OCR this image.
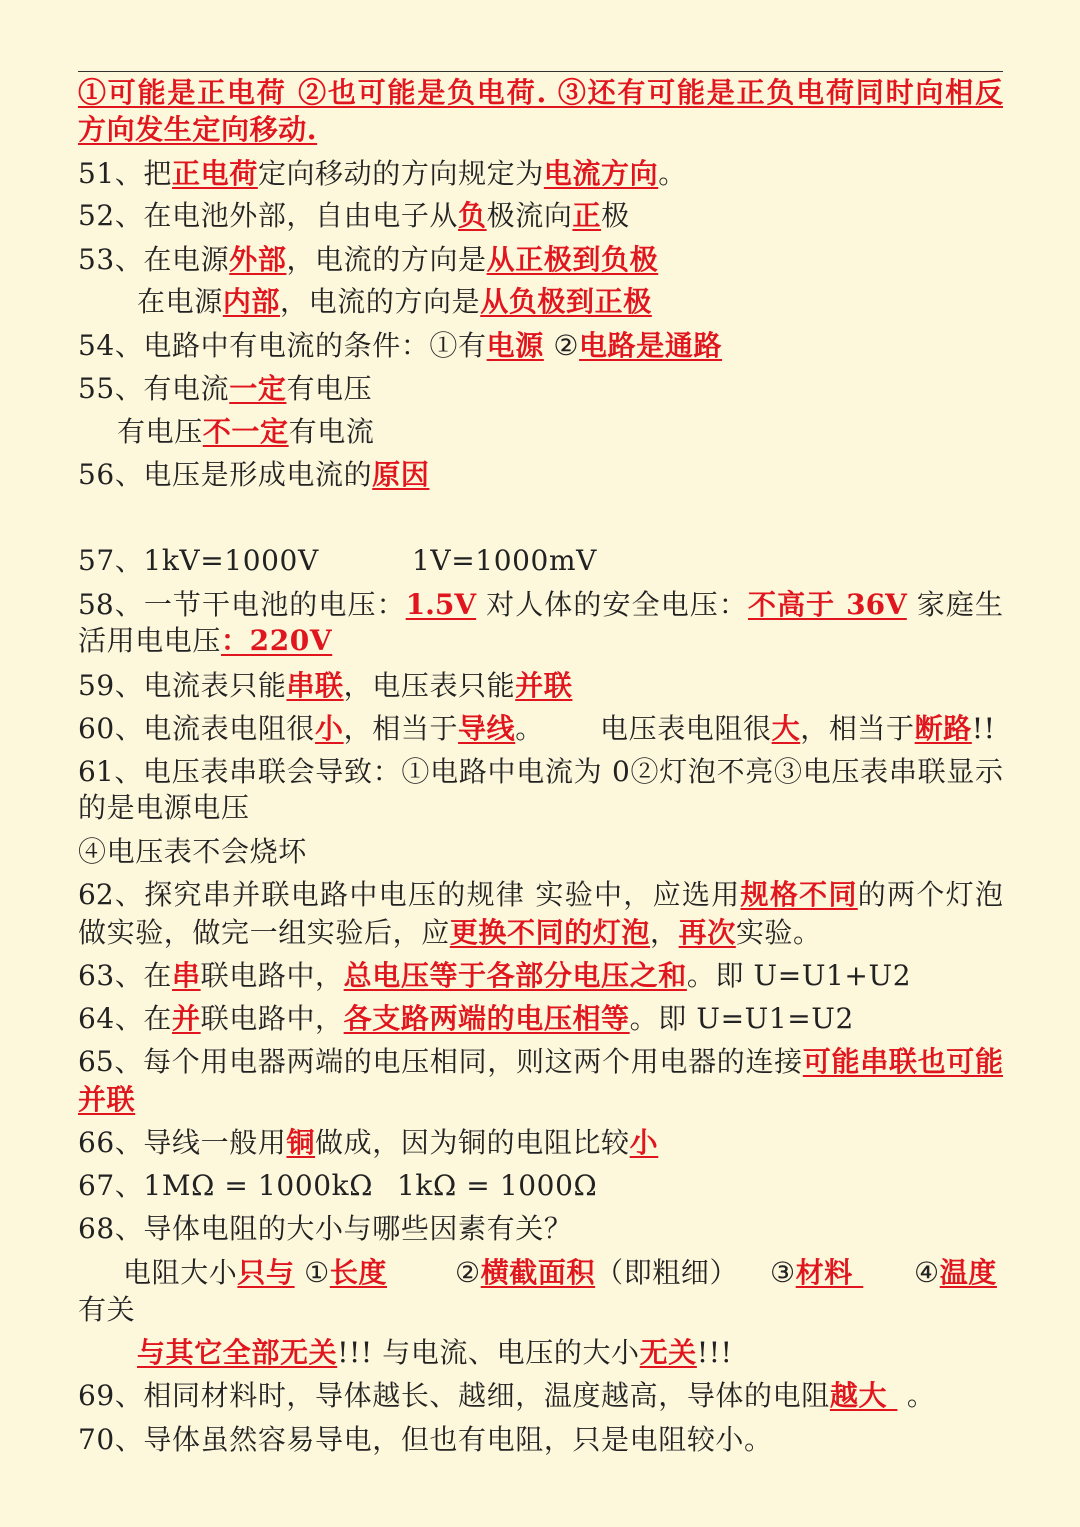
①可能是正电荷 ②也可能是负电荷. ③还有可能是正负电荷同时向相反
方向发生定向移动.
51、把正电荷定向移动的方向规定为电流方向。
52、在电池外部，自由电子从负极流向正极
53、在电源外部，电流的方向是从正极到负极
在电源内部，电流的方向是从负极到正极
54、电路中有电流的条件：①有电源 ②电路是通路
55、有电流一定有电压
有电压不一定有电流
56、电压是形成电流的原因
57、1kV=1000V	1V=1000mV
58、一节干电池的电压：1.5V 对人体的安全电压：不高于 36V 家庭生
活用电电压：220V
59、电流表只能串联，电压表只能并联
60、电流表电阻很小，相当于导线。 电压表电阻很大，相当于断路!!
61、电压表串联会导致：①电路中电流为 0②灯泡不亮③电压表串联显示
的是电源电压
④电压表不会烧坏
62、探究串并联电路中电压的规律 实验中，应选用规格不同的两个灯泡
做实验，做完一组实验后，应更换不同的灯泡，再次实验。
63、在串联电路中，总电压等于各部分电压之和。即 U=U1+U2
64、在并联电路中，各支路两端的电压相等。即 U=U1=U2
65、每个用电器两端的电压相同，则这两个用电器的连接可能串联也可能
并联
66、导线一般用铜做成，因为铜的电阻比较小
67、1MΩ = 1000kΩ 1kΩ = 1000Ω
68、导体电阻的大小与哪些因素有关？
电阻大小只与 ①长度 ②横截面积（即粗细） ③材料 ④温度
有关
与其它全部无关!!! 与电流、电压的大小无关!!!
69、相同材料时，导体越长、越细，温度越高，导体的电阻越大  。
70、导体虽然容易导电，但也有电阻，只是电阻较小。
